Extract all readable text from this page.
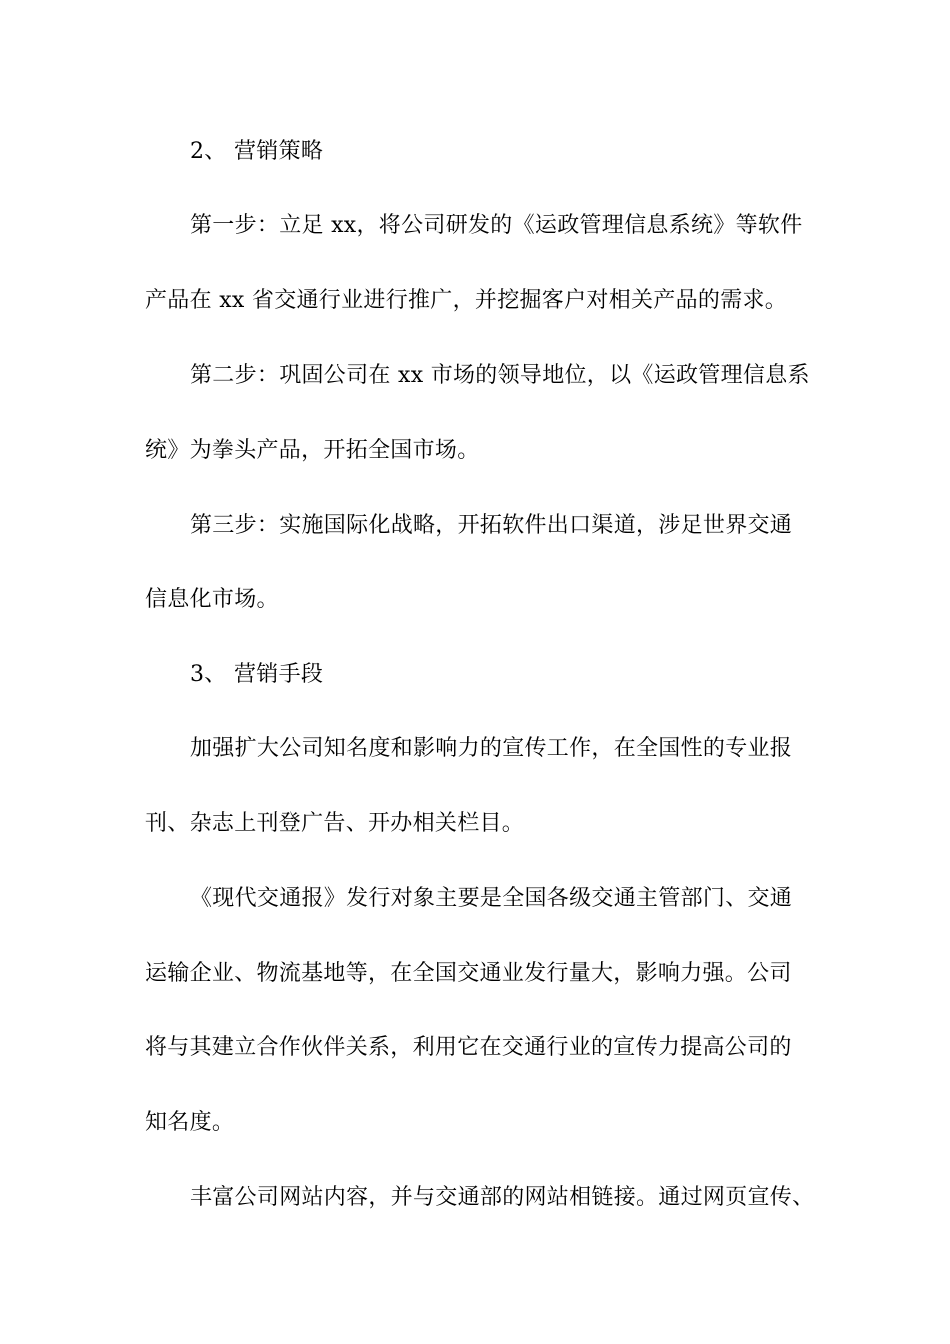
2、 营销策略
第一步：立足 xx，将公司研发的《运政管理信息系统》等软件
产品在 xx 省交通行业进行推广，并挖掘客户对相关产品的需求。
第二步：巩固公司在 xx 市场的领导地位，以《运政管理信息系
统》为拳头产品，开拓全国市场。
第三步：实施国际化战略，开拓软件出口渠道，涉足世界交通
信息化市场。
3、 营销手段
加强扩大公司知名度和影响力的宣传工作，在全国性的专业报
刊、杂志上刊登广告、开办相关栏目。
《现代交通报》发行对象主要是全国各级交通主管部门、交通
运输企业、物流基地等，在全国交通业发行量大，影响力强。公司
将与其建立合作伙伴关系，利用它在交通行业的宣传力提高公司的
知名度。
丰富公司网站内容，并与交通部的网站相链接。通过网页宣传、
